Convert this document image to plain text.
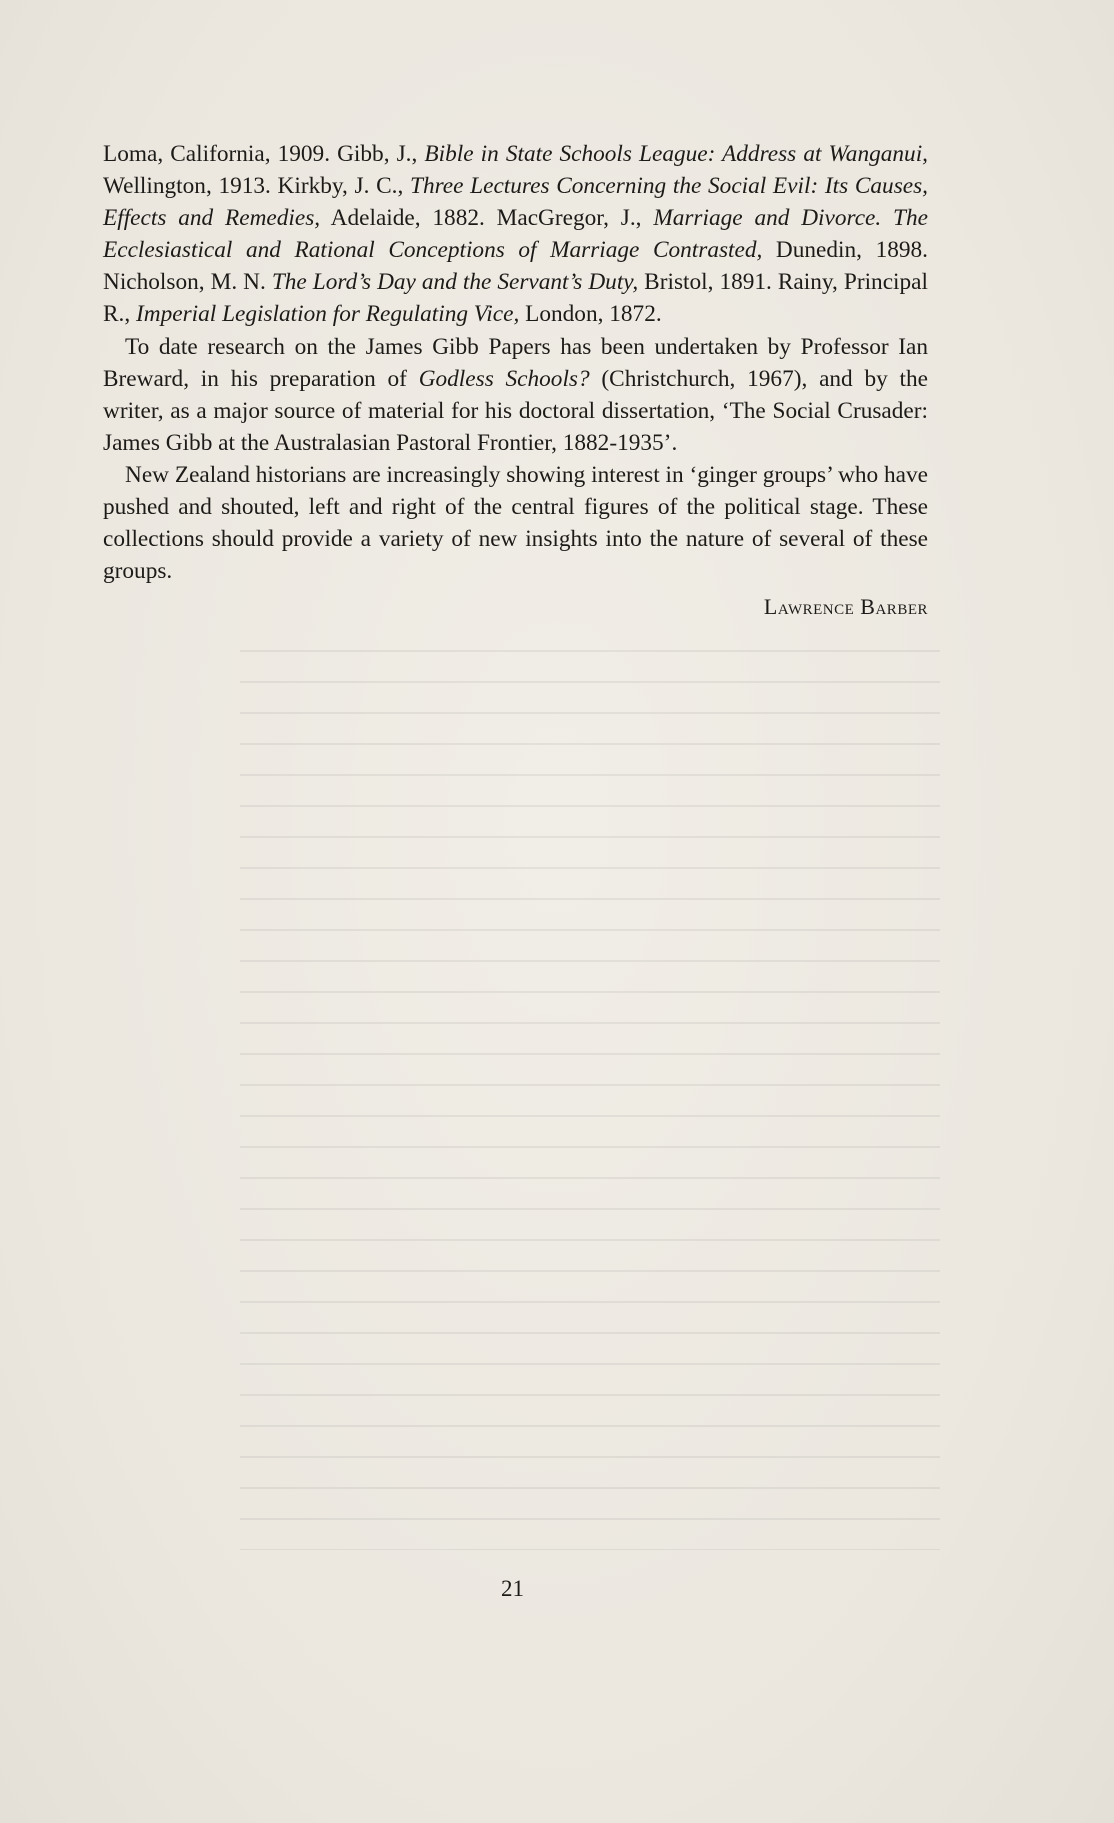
Loma, California, 1909. Gibb, J., Bible in State Schools League: Address at Wanganui, Wellington, 1913. Kirkby, J. C., Three Lectures Concerning the Social Evil: Its Causes, Effects and Remedies, Adelaide, 1882. MacGregor, J., Marriage and Divorce. The Ecclesiastical and Rational Conceptions of Marriage Contrasted, Dunedin, 1898. Nicholson, M. N. The Lord’s Day and the Servant’s Duty, Bristol, 1891. Rainy, Principal R., Imperial Legislation for Regulating Vice, London, 1872.

To date research on the James Gibb Papers has been undertaken by Professor Ian Breward, in his preparation of Godless Schools? (Christchurch, 1967), and by the writer, as a major source of material for his doctoral dissertation, ‘The Social Crusader: James Gibb at the Australasian Pastoral Frontier, 1882-1935’.

New Zealand historians are increasingly showing interest in ‘ginger groups’ who have pushed and shouted, left and right of the central figures of the political stage. These collections should provide a variety of new insights into the nature of several of these groups.

Lawrence Barber

21
